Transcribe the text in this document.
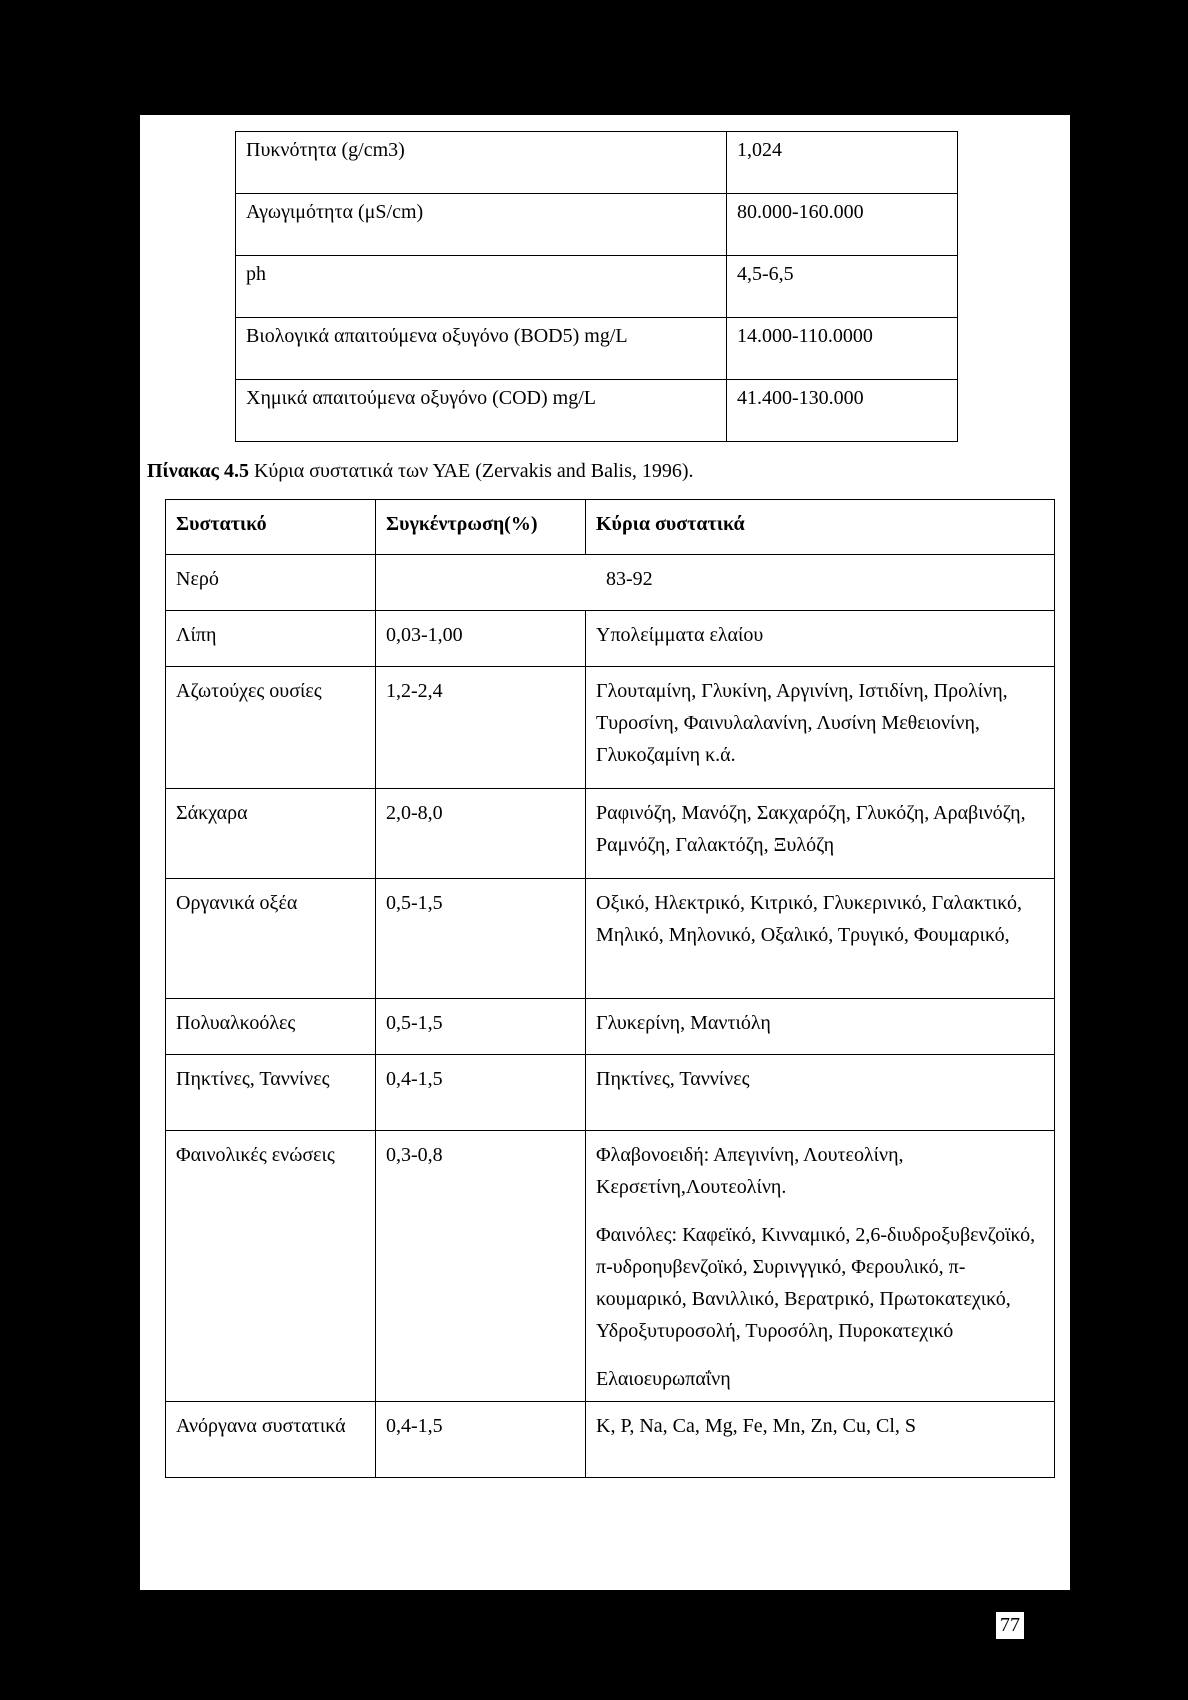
Πυκνότητα (g/cm3)	1,024
Αγωγιμότητα (μS/cm)	80.000-160.000
ph	4,5-6,5
Βιολογικά απαιτούμενα οξυγόνο (BOD5) mg/L	14.000-110.0000
Χημικά απαιτούμενα οξυγόνο (COD) mg/L	41.400-130.000
Πίνακας 4.5 Κύρια συστατικά των ΥΑΕ (Zervakis and Balis, 1996).
Συστατικό	Συγκέντρωση(%)	Κύρια συστατικά
Νερό	83-92	
Λίπη	0,03-1,00	Υπολείμματα ελαίου
Αζωτούχες ουσίες	1,2-2,4	Γλουταμίνη, Γλυκίνη, Αργινίνη, Ιστιδίνη, Προλίνη, Τυροσίνη, Φαινυλαλανίνη, Λυσίνη Μεθειονίνη, Γλυκοζαμίνη κ.ά.
Σάκχαρα	2,0-8,0	Ραφινόζη, Μανόζη, Σακχαρόζη, Γλυκόζη, Αραβινόζη, Ραμνόζη, Γαλακτόζη, Ξυλόζη
Οργανικά οξέα	0,5-1,5	Οξικό, Ηλεκτρικό, Κιτρικό, Γλυκερινικό, Γαλακτικό, Μηλικό, Μηλονικό, Οξαλικό, Τρυγικό, Φουμαρικό,
Πολυαλκοόλες	0,5-1,5	Γλυκερίνη, Μαντιόλη
Πηκτίνες, Ταννίνες	0,4-1,5	Πηκτίνες, Ταννίνες
Φαινολικές ενώσεις	0,3-0,8	Φλαβονοειδή: Απεγινίνη, Λουτεολίνη, Κερσετίνη,Λουτεολίνη.

Φαινόλες: Καφεϊκό, Κινναμικό, 2,6-διυδροξυβενζοϊκό, π-υδροηυβενζοϊκό, Συρινγγικό, Φερουλικό, π-κουμαρικό, Βανιλλικό, Βερατρικό, Πρωτοκατεχικό, Υδροξυτυροσολή, Τυροσόλη, Πυροκατεχικό

Ελαιοευρωπαΐνη

Ανόργανα συστατικά	0,4-1,5	K, P, Na, Ca, Mg, Fe, Mn, Zn, Cu, Cl, S
77
